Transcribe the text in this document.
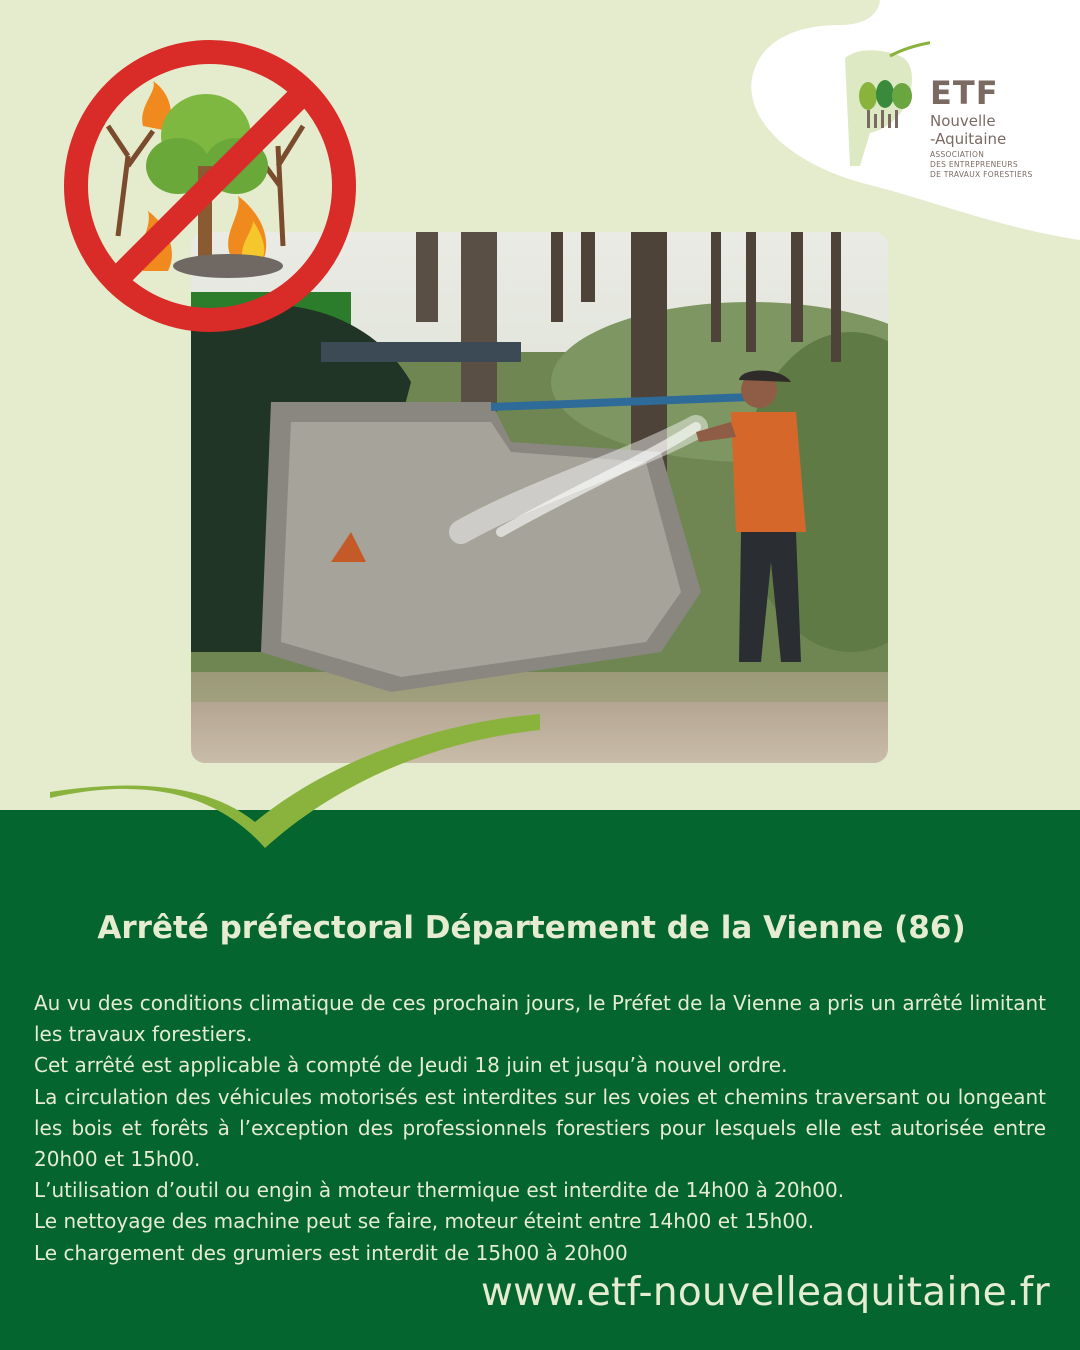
ETF
Nouvelle
-Aquitaine
ASSOCIATION
DES ENTREPRENEURS
DE TRAVAUX FORESTIERS
Arrêté préfectoral Département de la Vienne (86)

Au vu des conditions climatique de ces prochain jours, le Préfet de la Vienne a pris un arrêté limitant les travaux forestiers.

Cet arrêté est applicable à compté de Jeudi 18 juin et jusqu’à nouvel ordre.

La circulation des véhicules motorisés est interdites sur les voies et chemins traversant ou longeant les bois et forêts à l’exception des professionnels forestiers pour lesquels elle est autorisée entre 20h00 et 15h00.

L’utilisation d’outil ou engin à moteur thermique est interdite de 14h00 à 20h00.

Le nettoyage des machine peut se faire, moteur éteint entre 14h00 et 15h00.

Le chargement des grumiers est interdit de 15h00 à 20h00

www.etf-nouvelleaquitaine.fr
